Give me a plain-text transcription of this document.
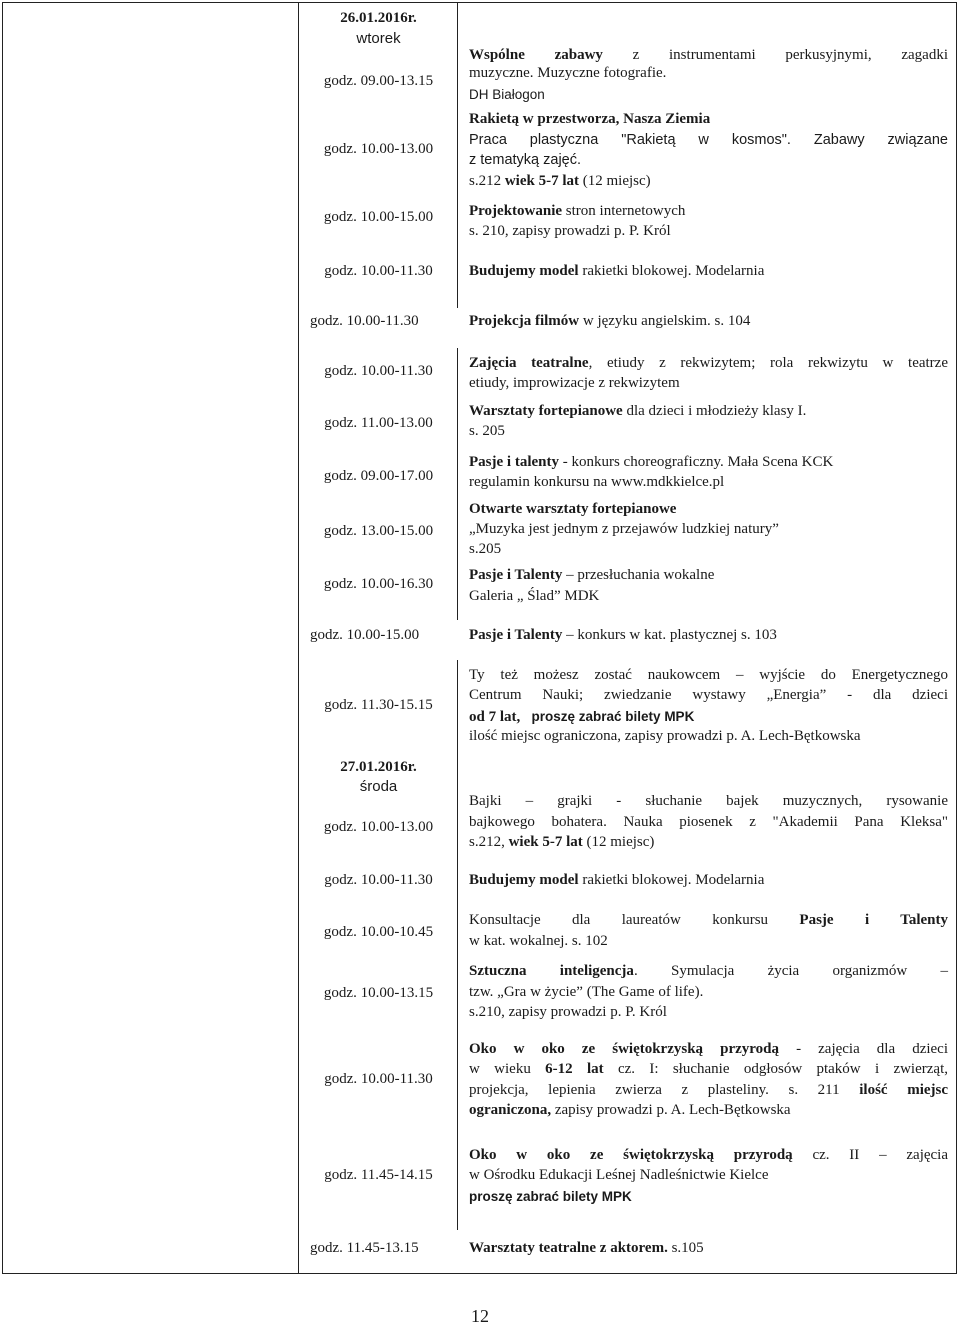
26.01.2016r.
wtorek
godz. 09.00-13.15
godz. 10.00-13.00
godz. 10.00-15.00
godz. 10.00-11.30
godz. 10.00-11.30
godz. 10.00-11.30
godz. 11.00-13.00
godz. 09.00-17.00
godz. 13.00-15.00
godz. 10.00-16.30
godz. 10.00-15.00
godz. 11.30-15.15
27.01.2016r.
środa
godz. 10.00-13.00
godz. 10.00-11.30
godz. 10.00-10.45
godz. 10.00-13.15
godz. 10.00-11.30
godz. 11.45-14.15
godz. 11.45-13.15
Wspólne zabawy z instrumentami perkusyjnymi, zagadki
muzyczne. Muzyczne fotografie.
DH Białogon
Rakietą w przestworza, Nasza Ziemia
Praca plastyczna "Rakietą w kosmos". Zabawy związane
z tematyką zajęć.
s.212 wiek 5-7 lat (12 miejsc)
Projektowanie stron internetowych
s. 210, zapisy prowadzi p. P. Król
Budujemy model rakietki blokowej. Modelarnia
Projekcja filmów w języku angielskim. s. 104
Zajęcia teatralne, etiudy z rekwizytem; rola rekwizytu w teatrze
etiudy, improwizacje z rekwizytem
Warsztaty fortepianowe dla dzieci i młodzieży klasy I.
s. 205
Pasje i talenty - konkurs choreograficzny. Mała Scena KCK
regulamin konkursu na www.mdkkielce.pl
Otwarte warsztaty fortepianowe
„Muzyka jest jednym z przejawów ludzkiej natury”
s.205
Pasje i Talenty – przesłuchania wokalne
Galeria „ Ślad” MDK
Pasje i Talenty – konkurs w kat. plastycznej s. 103
Ty też możesz zostać naukowcem – wyjście do Energetycznego
Centrum Nauki; zwiedzanie wystawy „Energia” - dla dzieci
od 7 lat, proszę zabrać bilety MPK
ilość miejsc ograniczona, zapisy prowadzi p. A. Lech-Bętkowska
Bajki – grajki - słuchanie bajek muzycznych, rysowanie
bajkowego bohatera. Nauka piosenek z "Akademii Pana Kleksa"
s.212, wiek 5-7 lat (12 miejsc)
Budujemy model rakietki blokowej. Modelarnia
Konsultacje dla laureatów konkursu Pasje i Talenty
w kat. wokalnej. s. 102
Sztuczna inteligencja. Symulacja życia organizmów –
tzw. „Gra w życie” (The Game of life).
s.210, zapisy prowadzi p. P. Król
Oko w oko ze świętokrzyską przyrodą - zajęcia dla dzieci
w wieku 6-12 lat cz. I: słuchanie odgłosów ptaków i zwierząt,
projekcja, lepienia zwierza z plasteliny. s. 211 ilość miejsc
ograniczona, zapisy prowadzi p. A. Lech-Bętkowska
Oko w oko ze świętokrzyską przyrodą cz. II – zajęcia
w Ośrodku Edukacji Leśnej Nadleśnictwie Kielce
proszę zabrać bilety MPK
Warsztaty teatralne z aktorem. s.105
12
